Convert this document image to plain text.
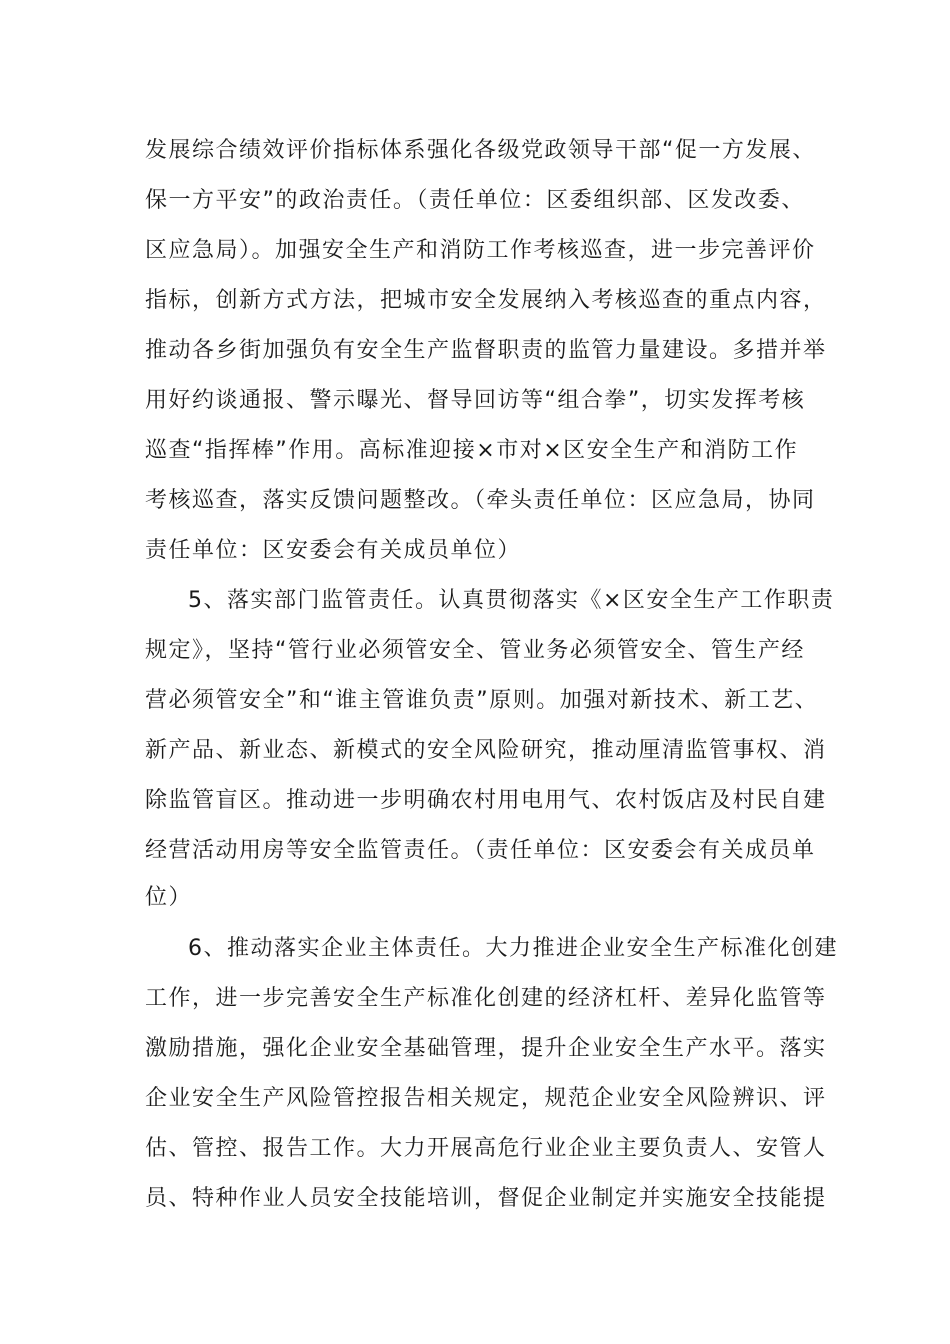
发展综合绩效评价指标体系强化各级党政领导干部“促一方发展、
保一方平安”的政治责任。（责任单位：区委组织部、区发改委、
区应急局）。加强安全生产和消防工作考核巡查，进一步完善评价
指标，创新方式方法，把城市安全发展纳入考核巡查的重点内容，
推动各乡街加强负有安全生产监督职责的监管力量建设。多措并举
用好约谈通报、警示曝光、督导回访等“组合拳”，切实发挥考核
巡查“指挥棒”作用。高标准迎接×市对×区安全生产和消防工作
考核巡查，落实反馈问题整改。（牵头责任单位：区应急局，协同
责任单位：区安委会有关成员单位）
5、落实部门监管责任。认真贯彻落实《×区安全生产工作职责
规定》，坚持“管行业必须管安全、管业务必须管安全、管生产经
营必须管安全”和“谁主管谁负责”原则。加强对新技术、新工艺、
新产品、新业态、新模式的安全风险研究，推动厘清监管事权、消
除监管盲区。推动进一步明确农村用电用气、农村饭店及村民自建
经营活动用房等安全监管责任。（责任单位：区安委会有关成员单
位）
6、推动落实企业主体责任。大力推进企业安全生产标准化创建
工作，进一步完善安全生产标准化创建的经济杠杆、差异化监管等
激励措施，强化企业安全基础管理，提升企业安全生产水平。落实
企业安全生产风险管控报告相关规定，规范企业安全风险辨识、评
估、管控、报告工作。大力开展高危行业企业主要负责人、安管人
员、特种作业人员安全技能培训，督促企业制定并实施安全技能提
